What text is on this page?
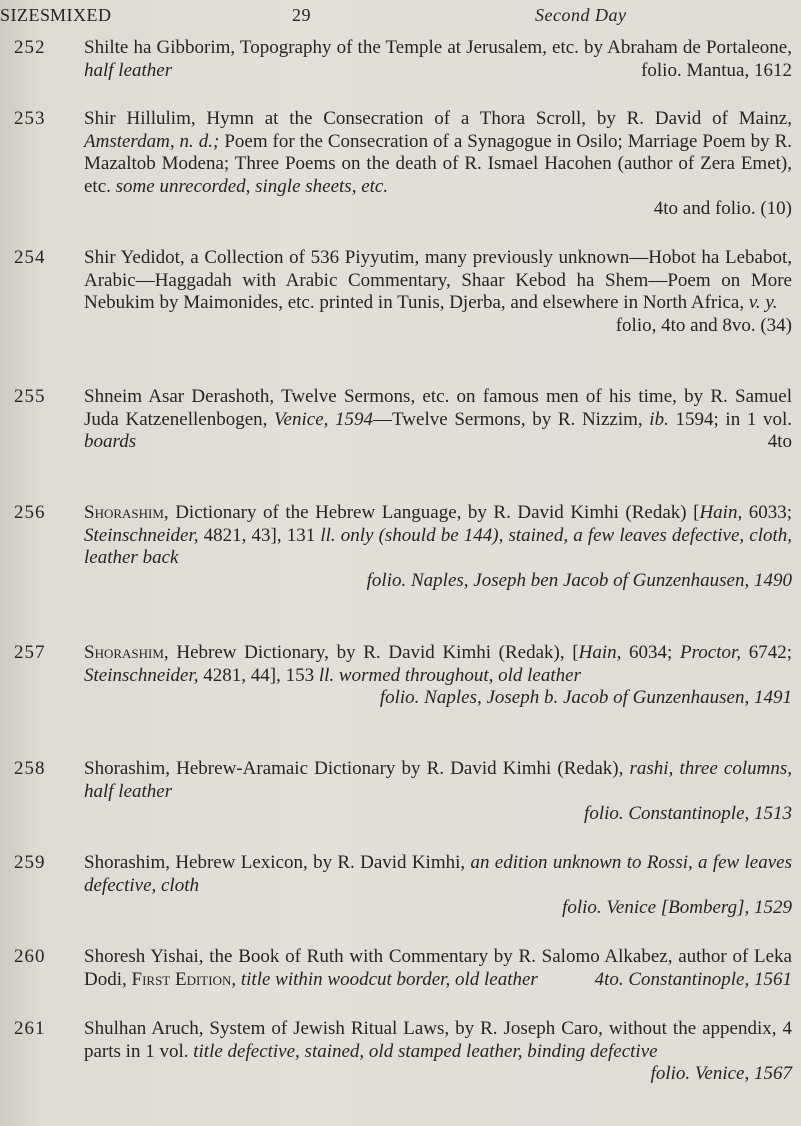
SIZES MIXED	29	Second Day
252 Shilte ha Gibborim, Topography of the Temple at Jerusalem, etc. by Abraham de Portaleone, half leather	folio. Mantua, 1612
253 Shir Hillulim, Hymn at the Consecration of a Thora Scroll, by R. David of Mainz, Amsterdam, n. d.; Poem for the Consecration of a Synagogue in Osilo; Marriage Poem by R. Mazaltob Modena; Three Poems on the death of R. Ismael Hacohen (author of Zera Emet), etc. some unrecorded, single sheets, etc.
4to and folio. (10)
254 Shir Yedidot, a Collection of 536 Piyyutim, many previously unknown—Hobot ha Lebabot, Arabic—Haggadah with Arabic Commentary, Shaar Kebod ha Shem—Poem on More Nebukim by Maimonides, etc. printed in Tunis, Djerba, and elsewhere in North Africa, v. y.
folio, 4to and 8vo. (34)
255 Shneim Asar Derashoth, Twelve Sermons, etc. on famous men of his time, by R. Samuel Juda Katzenellenbogen, Venice, 1594—Twelve Sermons, by R. Nizzim, ib. 1594; in 1 vol. boards	4to
256 Shorashim, Dictionary of the Hebrew Language, by R. David Kimhi (Redak) [Hain, 6033; Steinschneider, 4821, 43], 131 ll. only (should be 144), stained, a few leaves defective, cloth, leather back
folio. Naples, Joseph ben Jacob of Gunzenhausen, 1490
257 Shorashim, Hebrew Dictionary, by R. David Kimhi (Redak), [Hain, 6034; Proctor, 6742; Steinschneider, 4281, 44], 153 ll. wormed throughout, old leather
folio. Naples, Joseph b. Jacob of Gunzenhausen, 1491
258 Shorashim, Hebrew-Aramaic Dictionary by R. David Kimhi (Redak), rashi, three columns, half leather
folio. Constantinople, 1513
259 Shorashim, Hebrew Lexicon, by R. David Kimhi, an edition unknown to Rossi, a few leaves defective, cloth
folio. Venice [Bomberg], 1529
260 Shoresh Yishai, the Book of Ruth with Commentary by R. Salomo Alkabez, author of Leka Dodi, First Edition, title within woodcut border, old leather	4to. Constantinople, 1561
261 Shulhan Aruch, System of Jewish Ritual Laws, by R. Joseph Caro, without the appendix, 4 parts in 1 vol. title defective, stained, old stamped leather, binding defective
folio. Venice, 1567
